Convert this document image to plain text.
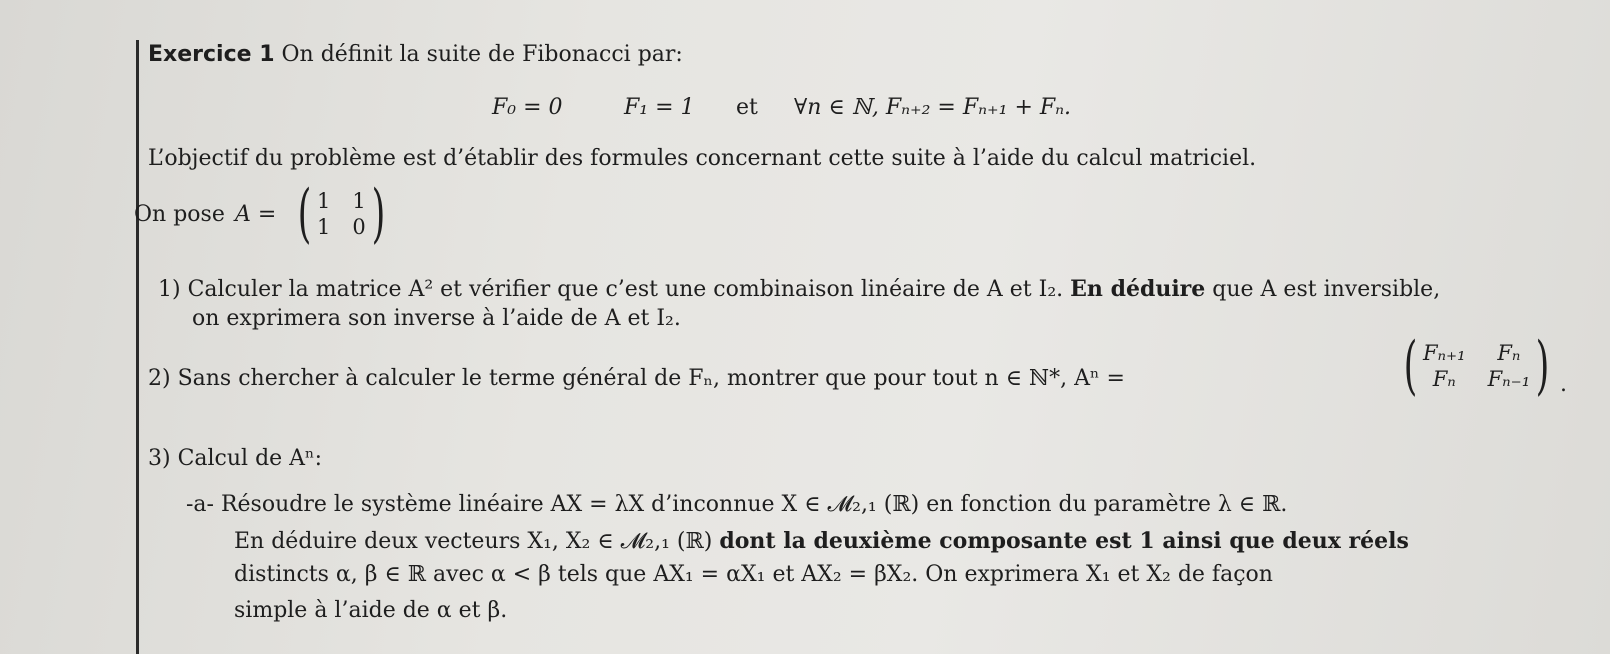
Exercice 1 On définit la suite de Fibonacci par:
F₀ = 0	F₁ = 1 et ∀n ∈ ℕ, Fₙ₊₂ = Fₙ₊₁ + Fₙ.
L’objectif du problème est d’établir des formules concernant cette suite à l’aide du calcul matriciel.
On pose A = ( 1 1
1 0 )
1) Calculer la matrice A² et vérifier que c’est une combinaison linéaire de A et I₂. En déduire que A est inversible,
on exprimera son inverse à l’aide de A et I₂.
2) Sans chercher à calculer le terme général de Fₙ, montrer que pour tout n ∈ ℕ*, Aⁿ =	( Fₙ₊₁	Fₙ
Fₙ	Fₙ₋₁ ) .
3) Calcul de Aⁿ:
-a- Résoudre le système linéaire AX = λX d’inconnue X ∈ 𝓜₂,₁ (ℝ) en fonction du paramètre λ ∈ ℝ.
En déduire deux vecteurs X₁, X₂ ∈ 𝓜₂,₁ (ℝ) dont la deuxième composante est 1 ainsi que deux réels
distincts α, β ∈ ℝ avec α < β tels que AX₁ = αX₁ et AX₂ = βX₂. On exprimera X₁ et X₂ de façon
simple à l’aide de α et β.
